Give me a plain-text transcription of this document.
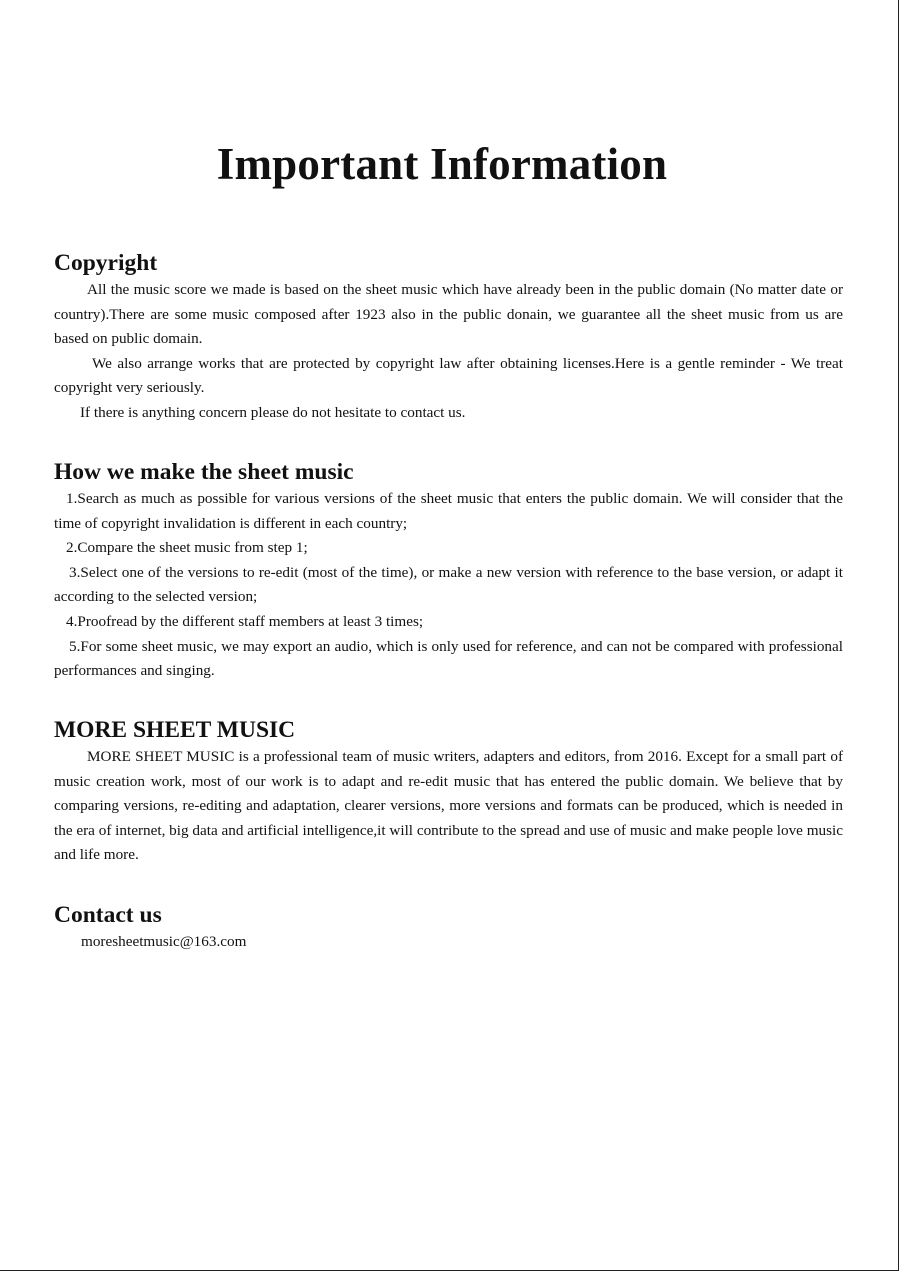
Important Information
Copyright

All the music score we made is based on the sheet music which have already been in the public domain (No matter date or country).There are some music composed after 1923 also in the public donain, we guarantee all the sheet music from us are based on public domain.

We also arrange works that are protected by copyright law after obtaining licenses.Here is a gentle reminder - We treat copyright very seriously.

If there is anything concern please do not hesitate to contact us.

How we make the sheet music

1.Search as much as possible for various versions of the sheet music that enters the public domain. We will consider that the time of copyright invalidation is different in each country;

2.Compare the sheet music from step 1;

3.Select one of the versions to re-edit (most of the time), or make a new version with reference to the base version, or adapt it according to the selected version;

4.Proofread by the different staff members at least 3 times;

5.For some sheet music, we may export an audio, which is only used for reference, and can not be compared with professional performances and singing.

MORE SHEET MUSIC

MORE SHEET MUSIC is a professional team of music writers, adapters and editors, from 2016. Except for a small part of music creation work, most of our work is to adapt and re-edit music that has entered the public domain. We believe that by comparing versions, re-editing and adaptation, clearer versions, more versions and formats can be produced, which is needed in the era of internet, big data and artificial intelligence,it will contribute to the spread and use of music and make people love music and life more.

Contact us

moresheetmusic@163.com
